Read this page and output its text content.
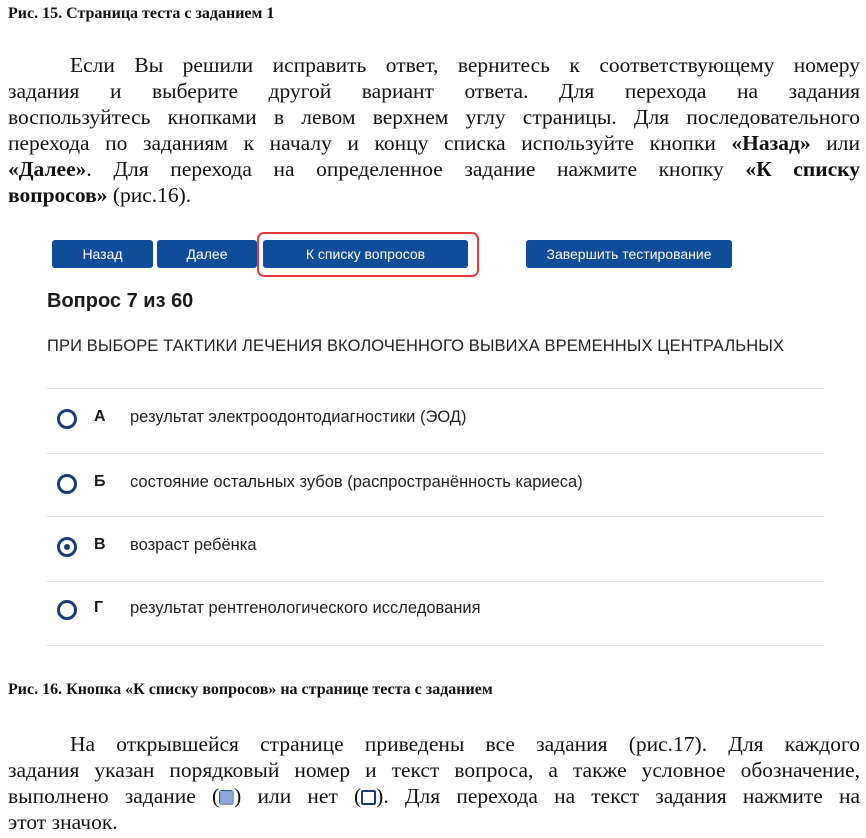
Рис. 15. Страница теста с заданием 1
Если Вы решили исправить ответ, вернитесь к соответствующему номеру
задания и выберите другой вариант ответа. Для перехода на задания
воспользуйтесь кнопками в левом верхнем углу страницы. Для последовательного
перехода по заданиям к началу и концу списка используйте кнопки «Назад» или
«Далее». Для перехода на определенное задание нажмите кнопку «К списку
вопросов» (рис.16).
Назад	Далее	К списку вопросов	Завершить тестирование
Вопрос 7 из 60
ПРИ ВЫБОРЕ ТАКТИКИ ЛЕЧЕНИЯ ВКОЛОЧЕННОГО ВЫВИХА ВРЕМЕННЫХ ЦЕНТРАЛЬНЫХ
А результат электроодонтодиагностики (ЭОД)
Б состояние остальных зубов (распространённость кариеса)
В возраст ребёнка
Г результат рентгенологического исследования
Рис. 16. Кнопка «К списку вопросов» на странице теста с заданием
На открывшейся странице приведены все задания (рис.17). Для каждого
задания указан порядковый номер и текст вопроса, а также условное обозначение,
выполнено задание ( ) или нет ( ). Для перехода на текст задания нажмите на
этот значок.
